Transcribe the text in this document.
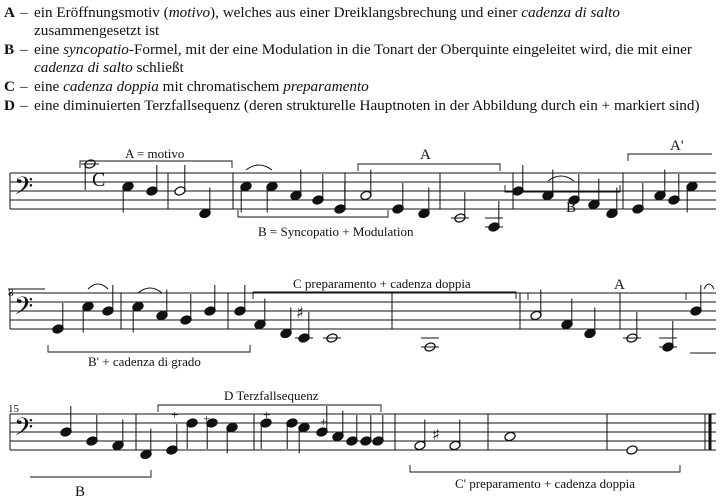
A – ein Eröffnungsmotiv (motivo), welches aus einer Dreiklangsbrechung und einer cadenza di salto zusammengesetzt ist
B – eine syncopatio-Formel, mit der eine Modulation in die Tonart der Oberquinte eingeleitet wird, die mit einer cadenza di salto schließt
C – eine cadenza doppia mit chromatischem preparamento
D – eine diminuierten Terzfallsequenz (deren strukturelle Hauptnoten in der Abbildung durch ein + markiert sind)
𝄢
𝄢
𝄢
A = motivo	A
A'
B = Syncopatio + Modulation
B
C preparamento + cadenza doppia	A
B' + cadenza di grado
D Terzfallsequenz
B
C' preparamento + cadenza doppia
8
15
C
+ +	+	+
♯
♯
